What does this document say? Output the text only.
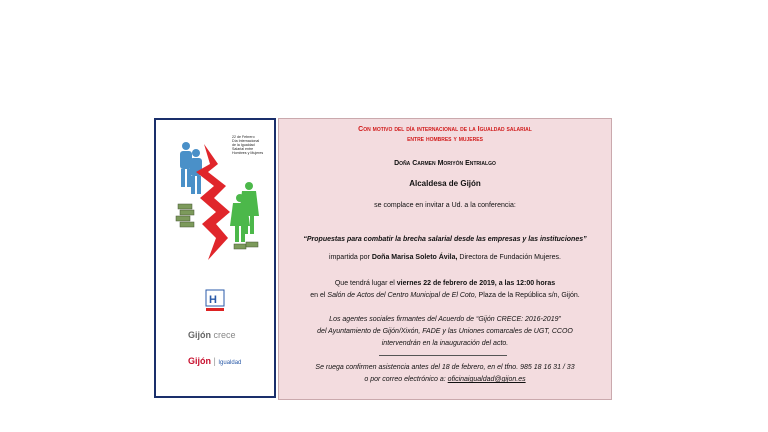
22 de Febrero Día Internacional de la Igualdad Salarial entre Hombres y Mujeres
H
Gijón crece
Gijón | Igualdad
Con motivo del día internacional de la Igualdad salarial
entre hombres y mujeres
Doña Carmen Moriyón Entrialgo
Alcaldesa de Gijón
se complace en invitar a Ud. a la conferencia:
“Propuestas para combatir la brecha salarial desde las empresas y las instituciones”
impartida por Doña Marisa Soleto Ávila, Directora de Fundación Mujeres.
Que tendrá lugar el viernes 22 de febrero de 2019, a las 12:00 horas
en el Salón de Actos del Centro Municipal de El Coto, Plaza de la República s/n, Gijón.
Los agentes sociales firmantes del Acuerdo de “Gijón CRECE: 2016-2019”
del Ayuntamiento de Gijón/Xixón, FADE y las Uniones comarcales de UGT, CCOO
intervendrán en la inauguración del acto.
Se ruega confirmen asistencia antes del 18 de febrero, en el tfno. 985 18 16 31 / 33
o por correo electrónico a: oficinaigualdad@gijon.es
